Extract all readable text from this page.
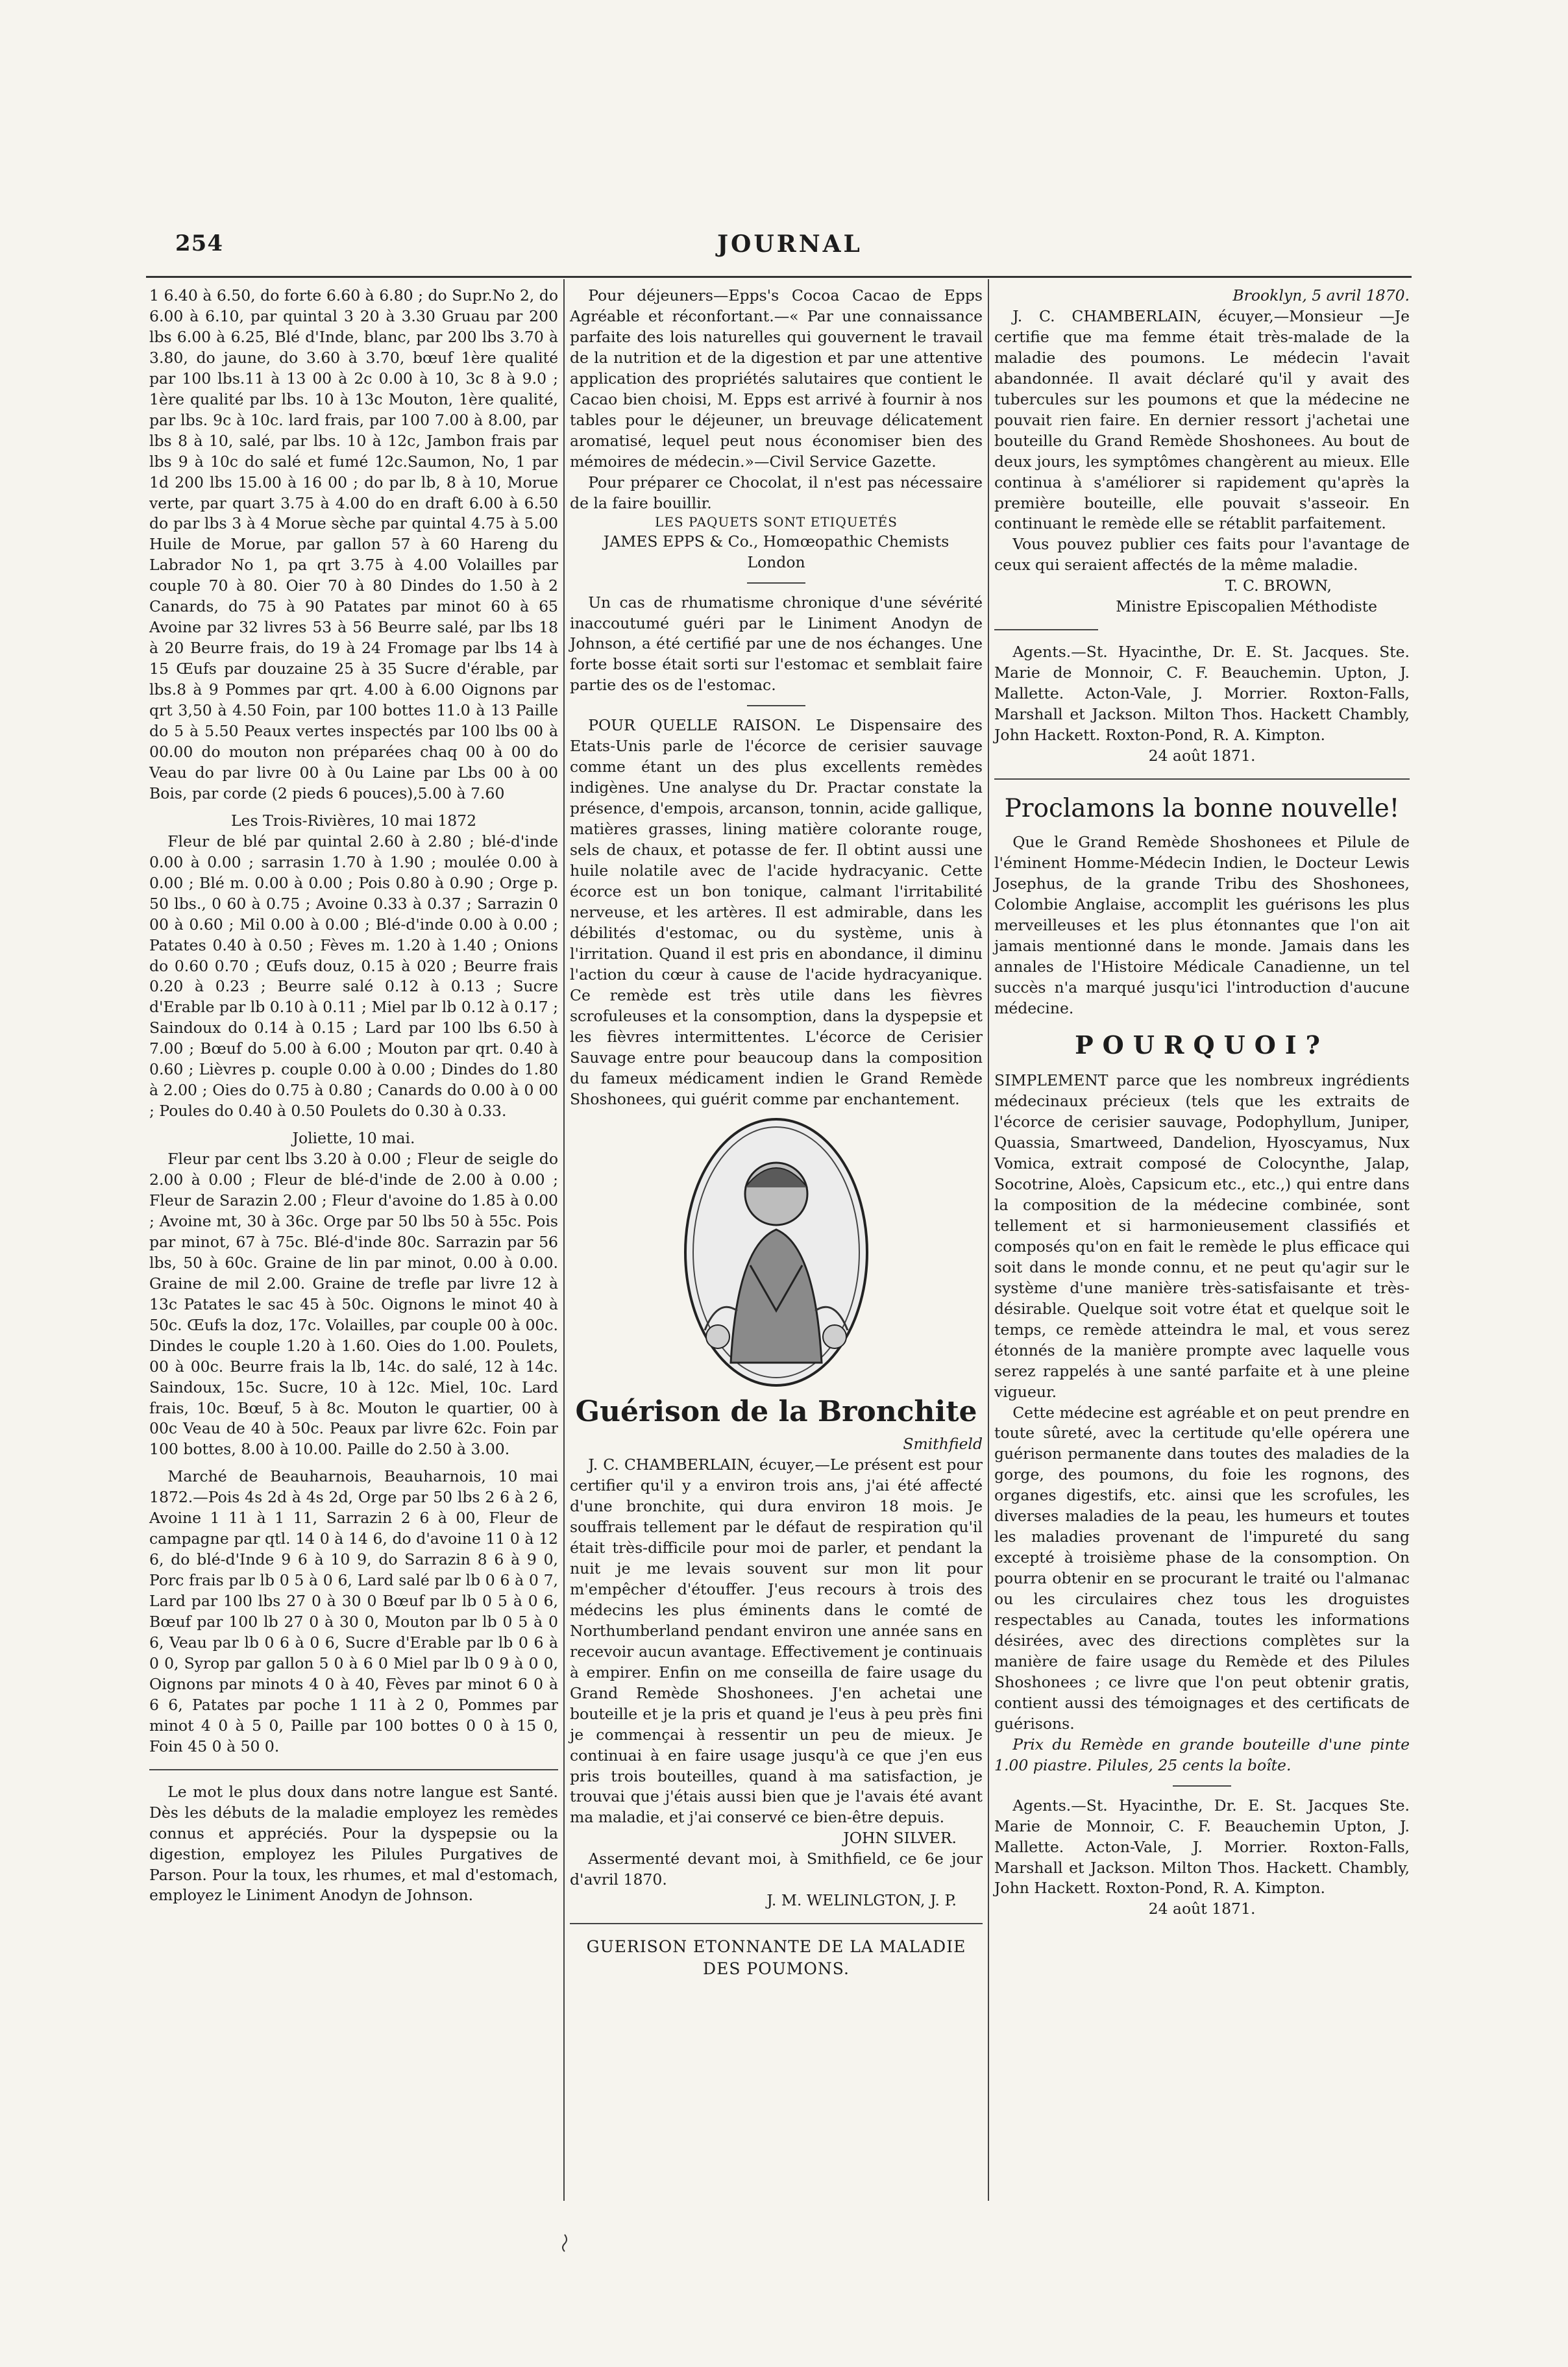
254	JOURNAL

1 6.40 à 6.50, do forte 6.60 à 6.80 ; do Supr.No 2, do 6.00 à 6.10, par quintal 3 20 à 3.30 Gruau par 200 lbs 6.00 à 6.25, Blé d'Inde, blanc, par 200 lbs 3.70 à 3.80, do jaune, do 3.60 à 3.70, bœuf 1ère qualité par 100 lbs.11 à 13 00 à 2c 0.00 à 10, 3c 8 à 9.0 ; 1ère qualité par lbs. 10 à 13c Mouton, 1ère qualité, par lbs. 9c à 10c. lard frais, par 100 7.00 à 8.00, par lbs 8 à 10, salé, par lbs. 10 à 12c, Jambon frais par lbs 9 à 10c do salé et fumé 12c.Saumon, No, 1 par 1d 200 lbs 15.00 à 16 00 ; do par lb, 8 à 10, Morue verte, par quart 3.75 à 4.00 do en draft 6.00 à 6.50 do par lbs 3 à 4 Morue sèche par quintal 4.75 à 5.00 Huile de Morue, par gallon 57 à 60 Hareng du Labrador No 1, pa qrt 3.75 à 4.00 Volailles par couple 70 à 80. Oier 70 à 80 Dindes do 1.50 à 2 Canards, do 75 à 90 Patates par minot 60 à 65 Avoine par 32 livres 53 à 56 Beurre salé, par lbs 18 à 20 Beurre frais, do 19 à 24 Fromage par lbs 14 à 15 Œufs par douzaine 25 à 35 Sucre d'érable, par lbs.8 à 9 Pommes par qrt. 4.00 à 6.00 Oignons par qrt 3,50 à 4.50 Foin, par 100 bottes 11.0 à 13 Paille do 5 à 5.50 Peaux vertes inspectés par 100 lbs 00 à 00.00 do mouton non préparées chaq 00 à 00 do Veau do par livre 00 à 0u Laine par Lbs 00 à 00 Bois, par corde (2 pieds 6 pouces),5.00 à 7.60

Les Trois-Rivières, 10 mai 1872

Fleur de blé par quintal 2.60 à 2.80 ; blé-d'inde 0.00 à 0.00 ; sarrasin 1.70 à 1.90 ; moulée 0.00 à 0.00 ; Blé m. 0.00 à 0.00 ; Pois 0.80 à 0.90 ; Orge p. 50 lbs., 0 60 à 0.75 ; Avoine 0.33 à 0.37 ; Sarrazin 0 00 à 0.60 ; Mil 0.00 à 0.00 ; Blé-d'inde 0.00 à 0.00 ; Patates 0.40 à 0.50 ; Fèves m. 1.20 à 1.40 ; Onions do 0.60 0.70 ; Œufs douz, 0.15 à 020 ; Beurre frais 0.20 à 0.23 ; Beurre salé 0.12 à 0.13 ; Sucre d'Erable par lb 0.10 à 0.11 ; Miel par lb 0.12 à 0.17 ; Saindoux do 0.14 à 0.15 ; Lard par 100 lbs 6.50 à 7.00 ; Bœuf do 5.00 à 6.00 ; Mouton par qrt. 0.40 à 0.60 ; Lièvres p. couple 0.00 à 0.00 ; Dindes do 1.80 à 2.00 ; Oies do 0.75 à 0.80 ; Canards do 0.00 à 0 00 ; Poules do 0.40 à 0.50 Poulets do 0.30 à 0.33.

Joliette, 10 mai.

Fleur par cent lbs 3.20 à 0.00 ; Fleur de seigle do 2.00 à 0.00 ; Fleur de blé-d'inde de 2.00 à 0.00 ; Fleur de Sarazin 2.00 ; Fleur d'avoine do 1.85 à 0.00 ; Avoine mt, 30 à 36c. Orge par 50 lbs 50 à 55c. Pois par minot, 67 à 75c. Blé-d'inde 80c. Sarrazin par 56 lbs, 50 à 60c. Graine de lin par minot, 0.00 à 0.00. Graine de mil 2.00. Graine de trefle par livre 12 à 13c Patates le sac 45 à 50c. Oignons le minot 40 à 50c. Œufs la doz, 17c. Volailles, par couple 00 à 00c. Dindes le couple 1.20 à 1.60. Oies do 1.00. Poulets, 00 à 00c. Beurre frais la lb, 14c. do salé, 12 à 14c. Saindoux, 15c. Sucre, 10 à 12c. Miel, 10c. Lard frais, 10c. Bœuf, 5 à 8c. Mouton le quartier, 00 à 00c Veau de 40 à 50c. Peaux par livre 62c. Foin par 100 bottes, 8.00 à 10.00. Paille do 2.50 à 3.00.

Marché de Beauharnois, Beauharnois, 10 mai 1872.—Pois 4s 2d à 4s 2d, Orge par 50 lbs 2 6 à 2 6, Avoine 1 11 à 1 11, Sarrazin 2 6 à 00, Fleur de campagne par qtl. 14 0 à 14 6, do d'avoine 11 0 à 12 6, do blé-d'Inde 9 6 à 10 9, do Sarrazin 8 6 à 9 0, Porc frais par lb 0 5 à 0 6, Lard salé par lb 0 6 à 0 7, Lard par 100 lbs 27 0 à 30 0 Bœuf par lb 0 5 à 0 6, Bœuf par 100 lb 27 0 à 30 0, Mouton par lb 0 5 à 0 6, Veau par lb 0 6 à 0 6, Sucre d'Erable par lb 0 6 à 0 0, Syrop par gallon 5 0 à 6 0 Miel par lb 0 9 à 0 0, Oignons par minots 4 0 à 40, Fèves par minot 6 0 à 6 6, Patates par poche 1 11 à 2 0, Pommes par minot 4 0 à 5 0, Paille par 100 bottes 0 0 à 15 0, Foin 45 0 à 50 0.

Le mot le plus doux dans notre langue est Santé. Dès les débuts de la maladie employez les remèdes connus et appréciés. Pour la dyspepsie ou la digestion, employez les Pilules Purgatives de Parson. Pour la toux, les rhumes, et mal d'estomach, employez le Liniment Anodyn de Johnson.

Pour déjeuners—Epps's Cocoa Cacao de Epps Agréable et réconfortant.—« Par une connaissance parfaite des lois naturelles qui gouvernent le travail de la nutrition et de la digestion et par une attentive application des propriétés salutaires que contient le Cacao bien choisi, M. Epps est arrivé à fournir à nos tables pour le déjeuner, un breuvage délicatement aromatisé, lequel peut nous économiser bien des mémoires de médecin.»—Civil Service Gazette.

Pour préparer ce Chocolat, il n'est pas nécessaire de la faire bouillir.

LES PAQUETS SONT ETIQUETÉS
JAMES EPPS & Co., Homœopathic Chemists
London

Un cas de rhumatisme chronique d'une sévérité inaccoutumé guéri par le Liniment Anodyn de Johnson, a été certifié par une de nos échanges. Une forte bosse était sorti sur l'estomac et semblait faire partie des os de l'estomac.

POUR QUELLE RAISON. Le Dispensaire des Etats-Unis parle de l'écorce de cerisier sauvage comme étant un des plus excellents remèdes indigènes. Une analyse du Dr. Practar constate la présence, d'empois, arcanson, tonnin, acide gallique, matières grasses, lining matière colorante rouge, sels de chaux, et potasse de fer. Il obtint aussi une huile nolatile avec de l'acide hydracyanic. Cette écorce est un bon tonique, calmant l'irritabilité nerveuse, et les artères. Il est admirable, dans les débilités d'estomac, ou du système, unis à l'irritation. Quand il est pris en abondance, il diminu l'action du cœur à cause de l'acide hydracyanique. Ce remède est très utile dans les fièvres scrofuleuses et la consomption, dans la dyspepsie et les fièvres intermittentes. L'écorce de Cerisier Sauvage entre pour beaucoup dans la composition du fameux médicament indien le Grand Remède Shoshonees, qui guérit comme par enchantement.

Guérison de la Bronchite
Smithfield

J. C. CHAMBERLAIN, écuyer,—Le présent est pour certifier qu'il y a environ trois ans, j'ai été affecté d'une bronchite, qui dura environ 18 mois. Je souffrais tellement par le défaut de respiration qu'il était très-difficile pour moi de parler, et pendant la nuit je me levais souvent sur mon lit pour m'empêcher d'étouffer. J'eus recours à trois des médecins les plus éminents dans le comté de Northumberland pendant environ une année sans en recevoir aucun avantage. Effectivement je continuais à empirer. Enfin on me conseilla de faire usage du Grand Remède Shoshonees. J'en achetai une bouteille et je la pris et quand je l'eus à peu près fini je commençai à ressentir un peu de mieux. Je continuai à en faire usage jusqu'à ce que j'en eus pris trois bouteilles, quand à ma satisfaction, je trouvai que j'étais aussi bien que je l'avais été avant ma maladie, et j'ai conservé ce bien-être depuis.

JOHN SILVER.

Assermenté devant moi, à Smithfield, ce 6e jour d'avril 1870.

J. M. WELINLGTON, J. P.
GUERISON ETONNANTE DE LA MALADIE DES POUMONS.
Brooklyn, 5 avril 1870.

J. C. CHAMBERLAIN, écuyer,—Monsieur —Je certifie que ma femme était très-malade de la maladie des poumons. Le médecin l'avait abandonnée. Il avait déclaré qu'il y avait des tubercules sur les poumons et que la médecine ne pouvait rien faire. En dernier ressort j'achetai une bouteille du Grand Remède Shoshonees. Au bout de deux jours, les symptômes changèrent au mieux. Elle continua à s'améliorer si rapidement qu'après la première bouteille, elle pouvait s'asseoir. En continuant le remède elle se rétablit parfaitement.

Vous pouvez publier ces faits pour l'avantage de ceux qui seraient affectés de la même maladie.

T. C. BROWN,
Ministre Episcopalien Méthodiste

Agents.—St. Hyacinthe, Dr. E. St. Jacques. Ste. Marie de Monnoir, C. F. Beauchemin. Upton, J. Mallette. Acton-Vale, J. Morrier. Roxton-Falls, Marshall et Jackson. Milton Thos. Hackett Chambly, John Hackett. Roxton-Pond, R. A. Kimpton.

24 août 1871.
Proclamons la bonne nouvelle!

Que le Grand Remède Shoshonees et Pilule de l'éminent Homme-Médecin Indien, le Docteur Lewis Josephus, de la grande Tribu des Shoshonees, Colombie Anglaise, accomplit les guérisons les plus merveilleuses et les plus étonnantes que l'on ait jamais mentionné dans le monde. Jamais dans les annales de l'Histoire Médicale Canadienne, un tel succès n'a marqué jusqu'ici l'introduction d'aucune médecine.

POURQUOI?

SIMPLEMENT parce que les nombreux ingrédients médecinaux précieux (tels que les extraits de l'écorce de cerisier sauvage, Podophyllum, Juniper, Quassia, Smartweed, Dandelion, Hyoscyamus, Nux Vomica, extrait composé de Colocynthe, Jalap, Socotrine, Aloès, Capsicum etc., etc.,) qui entre dans la composition de la médecine combinée, sont tellement et si harmonieusement classifiés et composés qu'on en fait le remède le plus efficace qui soit dans le monde connu, et ne peut qu'agir sur le système d'une manière très-satisfaisante et très-désirable. Quelque soit votre état et quelque soit le temps, ce remède atteindra le mal, et vous serez étonnés de la manière prompte avec laquelle vous serez rappelés à une santé parfaite et à une pleine vigueur.

Cette médecine est agréable et on peut prendre en toute sûreté, avec la certitude qu'elle opérera une guérison permanente dans toutes des maladies de la gorge, des poumons, du foie les rognons, des organes digestifs, etc. ainsi que les scrofules, les diverses maladies de la peau, les humeurs et toutes les maladies provenant de l'impureté du sang excepté à troisième phase de la consomption. On pourra obtenir en se procurant le traité ou l'almanac ou les circulaires chez tous les droguistes respectables au Canada, toutes les informations désirées, avec des directions complètes sur la manière de faire usage du Remède et des Pilules Shoshonees ; ce livre que l'on peut obtenir gratis, contient aussi des témoignages et des certificats de guérisons.

Prix du Remède en grande bouteille d'une pinte 1.00 piastre. Pilules, 25 cents la boîte.

Agents.—St. Hyacinthe, Dr. E. St. Jacques Ste. Marie de Monnoir, C. F. Beauchemin Upton, J. Mallette. Acton-Vale, J. Morrier. Roxton-Falls, Marshall et Jackson. Milton Thos. Hackett. Chambly, John Hackett. Roxton-Pond, R. A. Kimpton.

24 août 1871.
